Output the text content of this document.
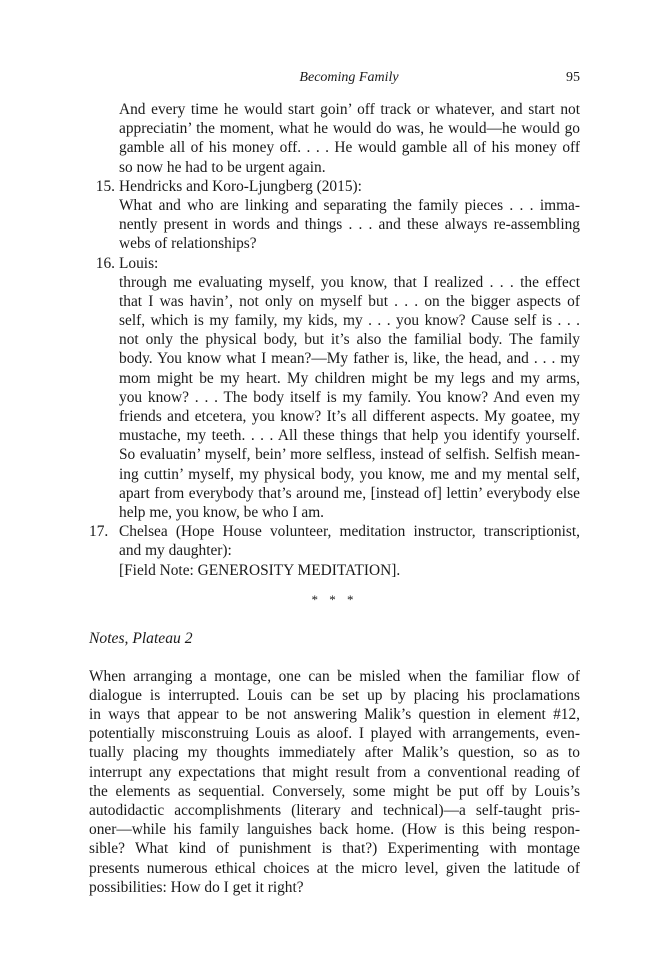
Becoming Family	95
And every time he would start goin’ off track or whatever, and start not
appreciatin’ the moment, what he would do was, he would—he would go
gamble all of his money off. . . . He would gamble all of his money off
so now he had to be urgent again.
15. Hendricks and Koro-Ljungberg (2015):
What and who are linking and separating the family pieces . . . imma-
nently present in words and things . . . and these always re-assembling
webs of relationships?
16. Louis:
through me evaluating myself, you know, that I realized . . . the effect
that I was havin’, not only on myself but . . . on the bigger aspects of
self, which is my family, my kids, my . . . you know? Cause self is . . .
not only the physical body, but it’s also the familial body. The family
body. You know what I mean?—My father is, like, the head, and . . . my
mom might be my heart. My children might be my legs and my arms,
you know? . . . The body itself is my family. You know? And even my
friends and etcetera, you know? It’s all different aspects. My goatee, my
mustache, my teeth. . . . All these things that help you identify yourself.
So evaluatin’ myself, bein’ more selfless, instead of selfish. Selfish mean-
ing cuttin’ myself, my physical body, you know, me and my mental self,
apart from everybody that’s around me, [instead of] lettin’ everybody else
help me, you know, be who I am.
17. Chelsea (Hope House volunteer, meditation instructor, transcriptionist,
and my daughter):
[Field Note: GENEROSITY MEDITATION].
* * *
Notes, Plateau 2
When arranging a montage, one can be misled when the familiar flow of
dialogue is interrupted. Louis can be set up by placing his proclamations
in ways that appear to be not answering Malik’s question in element #12,
potentially misconstruing Louis as aloof. I played with arrangements, even-
tually placing my thoughts immediately after Malik’s question, so as to
interrupt any expectations that might result from a conventional reading of
the elements as sequential. Conversely, some might be put off by Louis’s
autodidactic accomplishments (literary and technical)—a self-taught pris-
oner—while his family languishes back home. (How is this being respon-
sible? What kind of punishment is that?) Experimenting with montage
presents numerous ethical choices at the micro level, given the latitude of
possibilities: How do I get it right?
